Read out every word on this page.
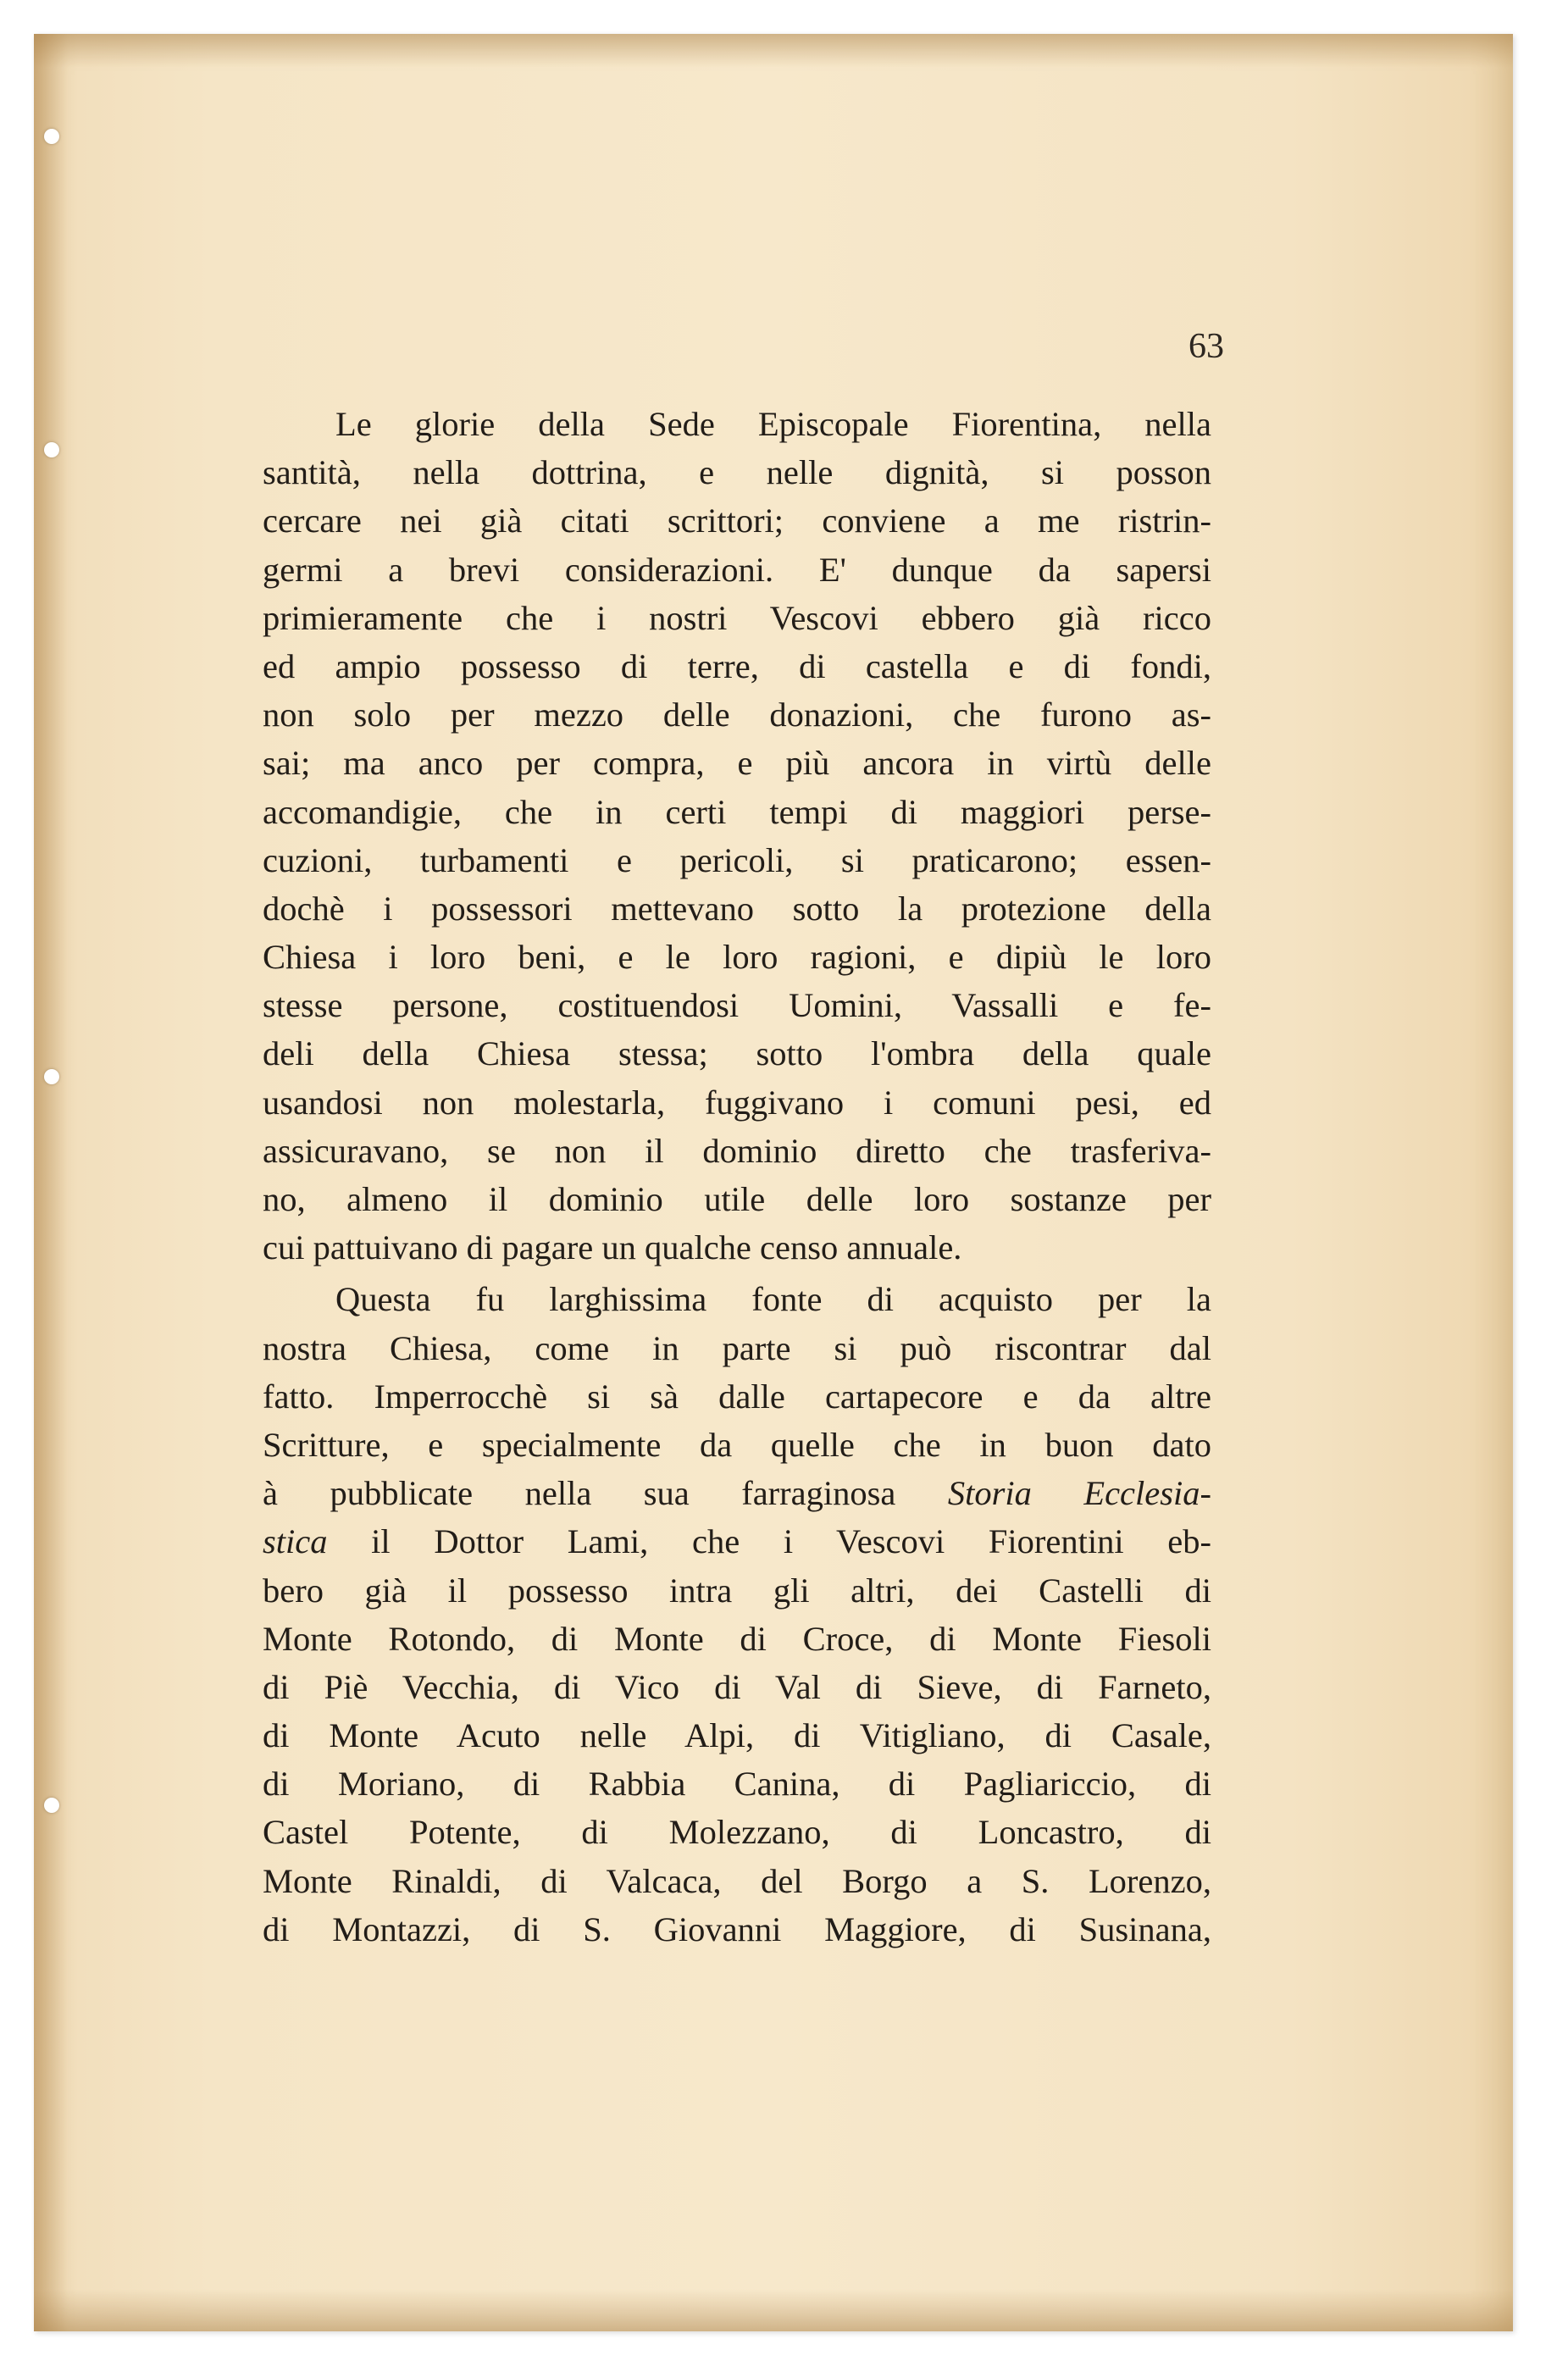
63
Le glorie della Sede Episcopale Fiorentina, nella
santità, nella dottrina, e nelle dignità, si posson
cercare nei già citati scrittori; conviene a me ristrin-
germi a brevi considerazioni. E' dunque da sapersi
primieramente che i nostri Vescovi ebbero già ricco
ed ampio possesso di terre, di castella e di fondi,
non solo per mezzo delle donazioni, che furono as-
sai; ma anco per compra, e più ancora in virtù delle
accomandigie, che in certi tempi di maggiori perse-
cuzioni, turbamenti e pericoli, si praticarono; essen-
dochè i possessori mettevano sotto la protezione della
Chiesa i loro beni, e le loro ragioni, e dipiù le loro
stesse persone, costituendosi Uomini, Vassalli e fe-
deli della Chiesa stessa; sotto l'ombra della quale
usandosi non molestarla, fuggivano i comuni pesi, ed
assicuravano, se non il dominio diretto che trasferiva-
no, almeno il dominio utile delle loro sostanze per
cui pattuivano di pagare un qualche censo annuale.
Questa fu larghissima fonte di acquisto per la
nostra Chiesa, come in parte si può riscontrar dal
fatto. Imperrocchè si sà dalle cartapecore e da altre
Scritture, e specialmente da quelle che in buon dato
à pubblicate nella sua farraginosa Storia Ecclesia-
stica il Dottor Lami, che i Vescovi Fiorentini eb-
bero già il possesso intra gli altri, dei Castelli di
Monte Rotondo, di Monte di Croce, di Monte Fiesoli
di Piè Vecchia, di Vico di Val di Sieve, di Farneto,
di Monte Acuto nelle Alpi, di Vitigliano, di Casale,
di Moriano, di Rabbia Canina, di Pagliariccio, di
Castel Potente, di Molezzano, di Loncastro, di
Monte Rinaldi, di Valcaca, del Borgo a S. Lorenzo,
di Montazzi, di S. Giovanni Maggiore, di Susinana,
